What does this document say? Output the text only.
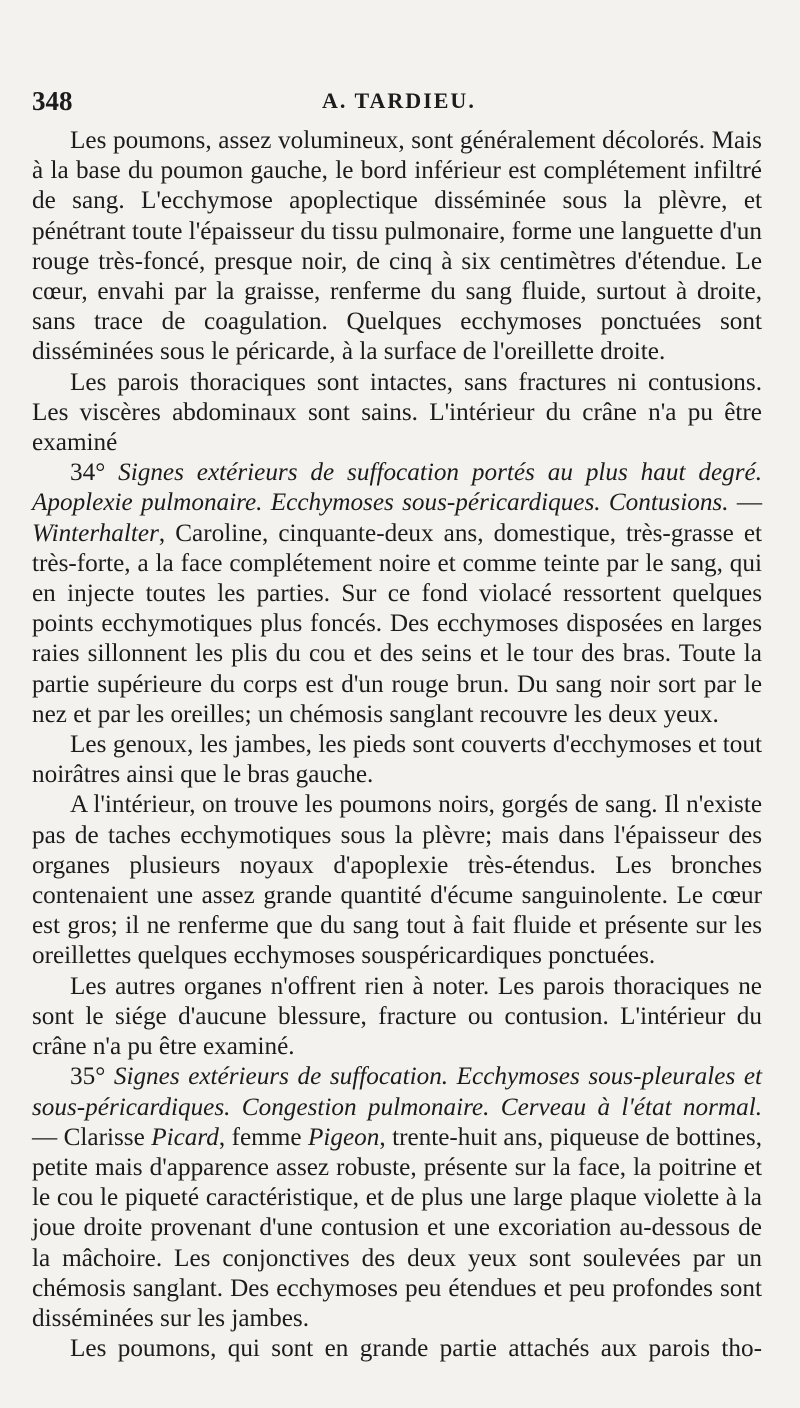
348	A. TARDIEU.

Les poumons, assez volumineux, sont généralement décolorés. Mais à la base du poumon gauche, le bord inférieur est complétement infiltré de sang. L'ecchymose apoplectique disséminée sous la plèvre, et pénétrant toute l'épaisseur du tissu pulmonaire, forme une languette d'un rouge très-foncé, presque noir, de cinq à six centimètres d'étendue. Le cœur, envahi par la graisse, renferme du sang fluide, surtout à droite, sans trace de coagulation. Quelques ecchymoses ponctuées sont disséminées sous le péricarde, à la surface de l'oreillette droite.

Les parois thoraciques sont intactes, sans fractures ni contusions. Les viscères abdominaux sont sains. L'intérieur du crâne n'a pu être examiné

34° Signes extérieurs de suffocation portés au plus haut degré. Apoplexie pulmonaire. Ecchymoses sous-péricardiques. Contusions. — Winterhalter, Caroline, cinquante-deux ans, domestique, très-grasse et très-forte, a la face complétement noire et comme teinte par le sang, qui en injecte toutes les parties. Sur ce fond violacé ressortent quelques points ecchymotiques plus foncés. Des ecchymoses disposées en larges raies sillonnent les plis du cou et des seins et le tour des bras. Toute la partie supérieure du corps est d'un rouge brun. Du sang noir sort par le nez et par les oreilles; un chémosis sanglant recouvre les deux yeux.

Les genoux, les jambes, les pieds sont couverts d'ecchymoses et tout noirâtres ainsi que le bras gauche.

A l'intérieur, on trouve les poumons noirs, gorgés de sang. Il n'existe pas de taches ecchymotiques sous la plèvre; mais dans l'épaisseur des organes plusieurs noyaux d'apoplexie très-étendus. Les bronches contenaient une assez grande quantité d'écume sanguinolente. Le cœur est gros; il ne renferme que du sang tout à fait fluide et présente sur les oreillettes quelques ecchymoses souspéricardiques ponctuées.

Les autres organes n'offrent rien à noter. Les parois thoraciques ne sont le siége d'aucune blessure, fracture ou contusion. L'intérieur du crâne n'a pu être examiné.

35° Signes extérieurs de suffocation. Ecchymoses sous-pleurales et sous-péricardiques. Congestion pulmonaire. Cerveau à l'état normal. — Clarisse Picard, femme Pigeon, trente-huit ans, piqueuse de bottines, petite mais d'apparence assez robuste, présente sur la face, la poitrine et le cou le piqueté caractéristique, et de plus une large plaque violette à la joue droite provenant d'une contusion et une excoriation au-dessous de la mâchoire. Les conjonctives des deux yeux sont soulevées par un chémosis sanglant. Des ecchymoses peu étendues et peu profondes sont disséminées sur les jambes.

Les poumons, qui sont en grande partie attachés aux parois tho-
